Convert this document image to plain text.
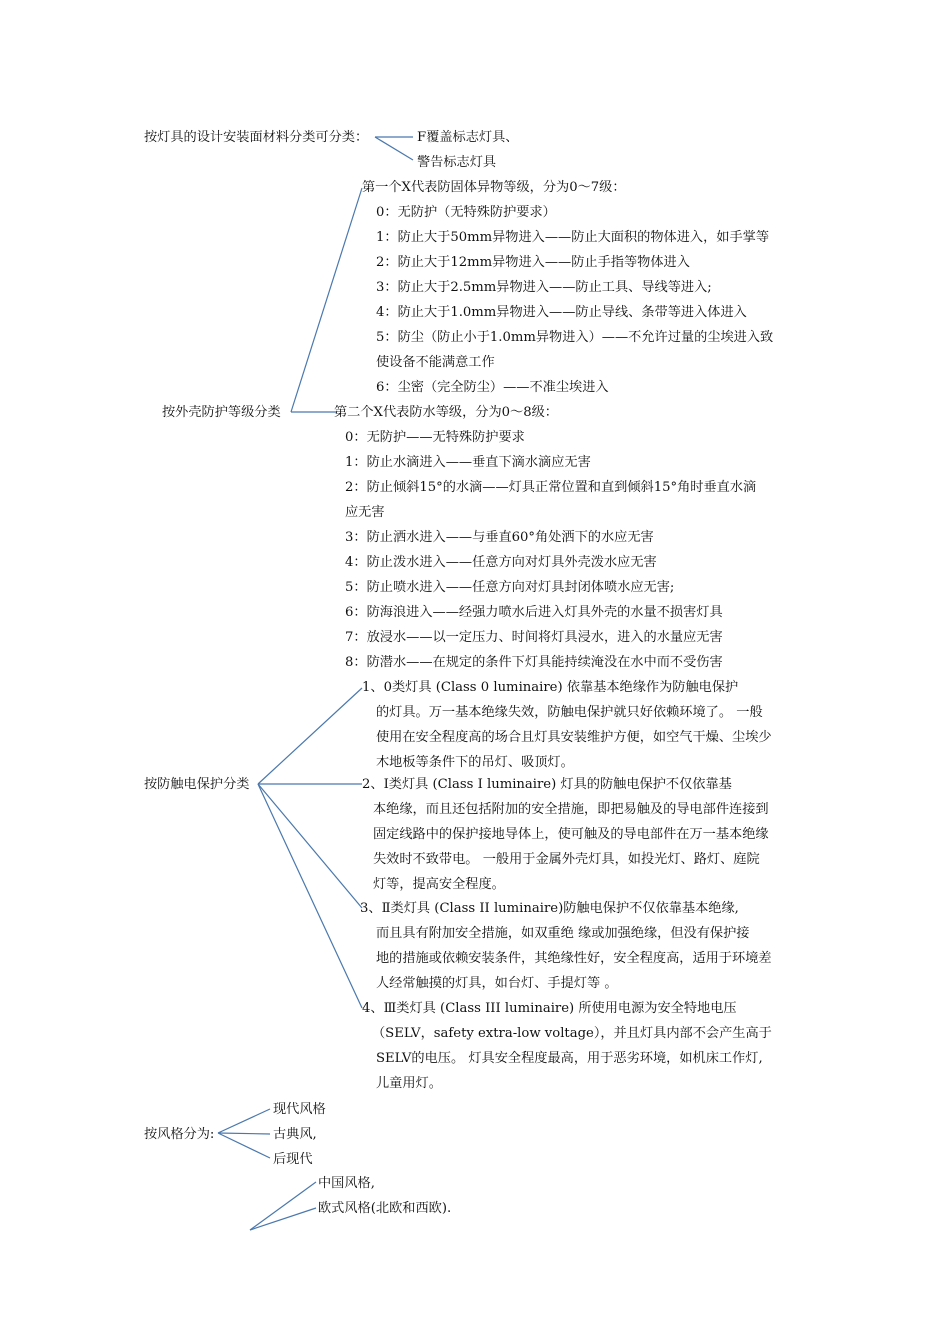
按灯具的设计安装面材料分类可分类：	F覆盖标志灯具、
警告标志灯具
第一个X代表防固体异物等级，分为0～7级：
0：无防护（无特殊防护要求）
1：防止大于50mm异物进入——防止大面积的物体进入，如手掌等
2：防止大于12mm异物进入——防止手指等物体进入
3：防止大于2.5mm异物进入——防止工具、导线等进入;
4：防止大于1.0mm异物进入——防止导线、条带等进入体进入
5：防尘（防止小于1.0mm异物进入）——不允许过量的尘埃进入致
使设备不能满意工作
6：尘密（完全防尘）——不准尘埃进入
按外壳防护等级分类	第二个X代表防水等级，分为0～8级：
0：无防护——无特殊防护要求
1：防止水滴进入——垂直下滴水滴应无害
2：防止倾斜15°的水滴——灯具正常位置和直到倾斜15°角时垂直水滴
应无害
3：防止洒水进入——与垂直60°角处洒下的水应无害
4：防止泼水进入——任意方向对灯具外壳泼水应无害
5：防止喷水进入——任意方向对灯具封闭体喷水应无害;
6：防海浪进入——经强力喷水后进入灯具外壳的水量不损害灯具
7：放浸水——以一定压力、时间将灯具浸水，进入的水量应无害
8：防潜水——在规定的条件下灯具能持续淹没在水中而不受伤害
1、0类灯具 (Class 0 luminaire) 依靠基本绝缘作为防触电保护
的灯具。万一基本绝缘失效，防触电保护就只好依赖环境了。 一般
使用在安全程度高的场合且灯具安装维护方便，如空气干燥、尘埃少
木地板等条件下的吊灯、吸顶灯。
按防触电保护分类	2、Ⅰ类灯具 (Class I luminaire) 灯具的防触电保护不仅依靠基
本绝缘，而且还包括附加的安全措施，即把易触及的导电部件连接到
固定线路中的保护接地导体上，使可触及的导电部件在万一基本绝缘
失效时不致带电。 一般用于金属外壳灯具，如投光灯、路灯、庭院
灯等，提高安全程度。
3、Ⅱ类灯具 (Class II luminaire)防触电保护不仅依靠基本绝缘,
而且具有附加安全措施，如双重绝 缘或加强绝缘，但没有保护接
地的措施或依赖安装条件，其绝缘性好，安全程度高，适用于环境差
人经常触摸的灯具，如台灯、手提灯等 。
4、Ⅲ类灯具 (Class III luminaire) 所使用电源为安全特地电压
（SELV，safety extra-low voltage），并且灯具内部不会产生高于
SELV的电压。 灯具安全程度最高，用于恶劣环境，如机床工作灯,
儿童用灯。
现代风格
按风格分为:	古典风,
后现代
中国风格,
欧式风格(北欧和西欧).
